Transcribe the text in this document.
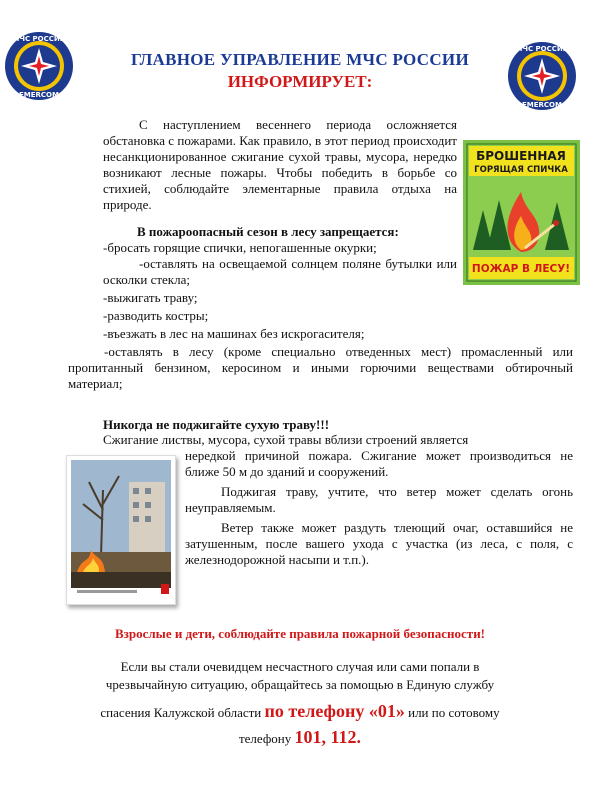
МЧС РОССИИ
EMERCOM
МЧС РОССИИ
EMERCOM
ГЛАВНОЕ УПРАВЛЕНИЕ МЧС РОССИИ
ИНФОРМИРУЕТ:
С наступлением весеннего периода осложняется обстановка с пожарами. Как правило, в этот период происходит несанкционированное сжигание сухой травы, мусора, нередко возникают лесные пожары. Чтобы победить в борьбе со стихией, соблюдайте элементарные правила отдыха на природе.
БРОШЕННАЯ
ГОРЯЩАЯ СПИЧКА
ПОЖАР В ЛЕСУ!
В пожароопасный сезон в лесу запрещается:
-бросать горящие спички, непогашенные окурки;
-оставлять на освещаемой солнцем поляне бутылки или осколки стекла;
-выжигать траву;
-разводить костры;
-въезжать в лес на машинах без искрогасителя;
-оставлять в лесу (кроме специально отведенных мест) промасленный или пропитанный бензином, керосином и иными горючими веществами обтирочный материал;
Никогда не поджигайте сухую траву!!!
Сжигание листвы, мусора, сухой травы вблизи строений является
нередкой причиной пожара. Сжигание может производиться не ближе 50 м до зданий и сооружений.
Поджигая траву, учтите, что ветер может сделать огонь неуправляемым.
Ветер также может раздуть тлеющий очаг, оставшийся не затушенным, после вашего ухода с участка (из леса, с поля, с железнодорожной насыпи и т.п.).
Взрослые и дети, соблюдайте правила пожарной безопасности!
Если вы стали очевидцем несчастного случая или сами попали в
чрезвычайную ситуацию, обращайтесь за помощью в Единую службу
спасения Калужской области по телефону «01» или по сотовому
телефону 101, 112.
